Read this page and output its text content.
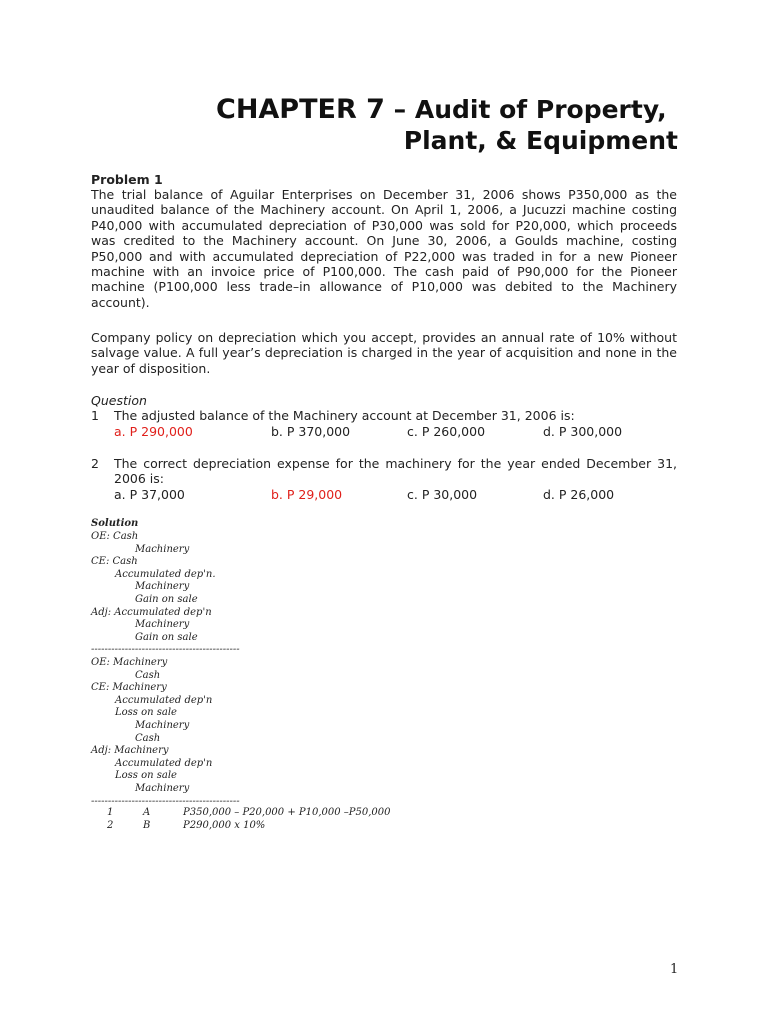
CHAPTER 7 – Audit of Property,
Plant, & Equipment
Problem 1
The trial balance of Aguilar Enterprises on December 31, 2006 shows P350,000 as the unaudited balance of the Machinery account. On April 1, 2006, a Jucuzzi machine costing P40,000 with accumulated depreciation of P30,000 was sold for P20,000, which proceeds was credited to the Machinery account. On June 30, 2006, a Goulds machine, costing P50,000 and with accumulated depreciation of P22,000 was traded in for a new Pioneer machine with an invoice price of P100,000. The cash paid of P90,000 for the Pioneer machine (P100,000 less trade–in allowance of P10,000 was debited to the Machinery account).
Company policy on depreciation which you accept, provides an annual rate of 10% without salvage value. A full year’s depreciation is charged in the year of acquisition and none in the year of disposition.
Question
1 The adjusted balance of the Machinery account at December 31, 2006 is:
a. P 290,000	b. P 370,000	c. P 260,000	d. P 300,000
2 The correct depreciation expense for the machinery for the year ended December 31, 2006 is:
a. P 37,000	b. P 29,000	c. P 30,000	d. P 26,000
Solution
OE: Cash
Machinery
CE: Cash
Accumulated dep'n.
Machinery
Gain on sale
Adj: Accumulated dep'n
Machinery
Gain on sale
--------------------------------------------
OE: Machinery
Cash
CE: Machinery
Accumulated dep'n
Loss on sale
Machinery
Cash
Adj: Machinery
Accumulated dep'n
Loss on sale
Machinery
--------------------------------------------
1	A	P350,000 – P20,000 + P10,000 –P50,000
2	B	P290,000 x 10%
1
